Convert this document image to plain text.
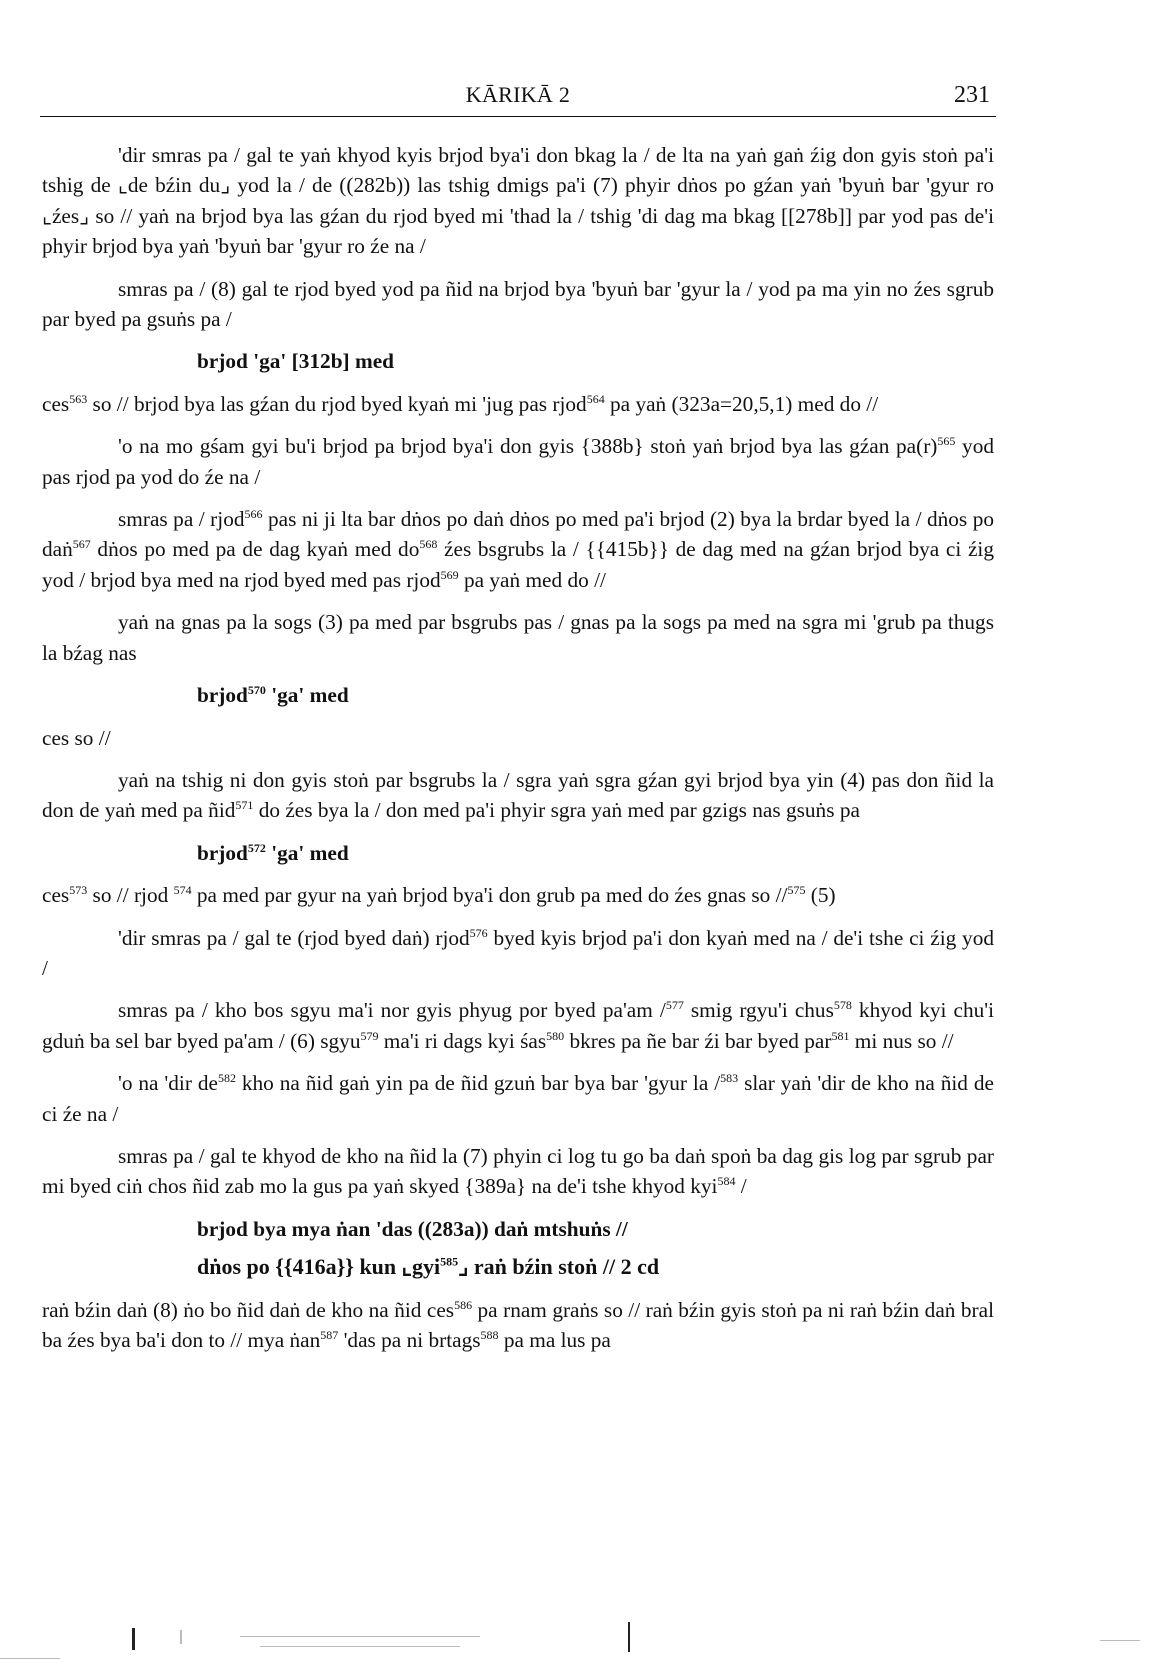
KĀRIKĀ 2	231

'dir smras pa / gal te yaṅ khyod kyis brjod bya'i don bkag la / de lta na yaṅ gaṅ źig don gyis stoṅ pa'i tshig de ⌞de bźin du⌟ yod la / de ((282b)) las tshig dmigs pa'i (7) phyir dṅos po gźan yaṅ 'byuṅ bar 'gyur ro ⌞źes⌟ so // yaṅ na brjod bya las gźan du rjod byed mi 'thad la / tshig 'di dag ma bkag [[278b]] par yod pas de'i phyir brjod bya yaṅ 'byuṅ bar 'gyur ro źe na /

smras pa / (8) gal te rjod byed yod pa ñid na brjod bya 'byuṅ bar 'gyur la / yod pa ma yin no źes sgrub par byed pa gsuṅs pa /

brjod 'ga' [312b] med

ces$^{563}$ so // brjod bya las gźan du rjod byed kyaṅ mi 'jug pas rjod$^{564}$ pa yaṅ (323a=20,5,1) med do //

'o na mo gśam gyi bu'i brjod pa brjod bya'i don gyis {388b} stoṅ yaṅ brjod bya las gźan $pa(r)^{565}$ yod pas rjod pa yod do źe na /

smras pa / rjod$^{566}$ pas ni ji lta bar dṅos po daṅ dṅos po med pa'i brjod (2) bya la brdar byed la / dṅos po daṅ$^{567}$ dṅos po med pa de dag kyaṅ med $do^{568}$ źes bsgrubs la / {{415b}} de dag med na gźan brjod bya ci źig yod / brjod bya med na rjod byed med pas rjod$^{569}$ pa yaṅ med do //

yaṅ na gnas pa la sogs (3) pa med par bsgrubs pas / gnas pa la sogs pa med na sgra mi 'grub pa thugs la bźag nas

brjod$^{570}$ 'ga' med

ces so //

yaṅ na tshig ni don gyis stoṅ par bsgrubs la / sgra yaṅ sgra gźan gyi brjod bya yin (4) pas don ñid la don de yaṅ med pa ñid$^{571}$ do źes bya la / don med pa'i phyir sgra yaṅ med par gzigs nas gsuṅs pa

brjod$^{572}$ 'ga' med

ces$^{573}$ so // rjod $^{574}$ pa med par gyur na yaṅ brjod bya'i don grub pa med do źes gnas so //$^{575}$ (5)

'dir smras pa / gal te (rjod byed daṅ) rjod$^{576}$ byed kyis brjod pa'i don kyaṅ med na / de'i tshe ci źig yod /

smras pa / kho bos sgyu ma'i nor gyis phyug por byed pa'am /$^{577}$ smig rgyu'i chus$^{578}$ khyod kyi chu'i gduṅ ba sel bar byed pa'am / (6) sgyu$^{579}$ ma'i ri dags kyi śas$^{580}$ bkres pa ñe bar źi bar byed par$^{581}$ mi nus so //

'o na 'dir $de^{582}$ kho na ñid gaṅ yin pa de ñid gzuṅ bar bya bar 'gyur la /$^{583}$ slar yaṅ 'dir de kho na ñid de ci źe na /

smras pa / gal te khyod de kho na ñid la (7) phyin ci log tu go ba daṅ spoṅ ba dag gis log par sgrub par mi byed ciṅ chos ñid zab mo la gus pa yaṅ skyed {389a} na de'i tshe khyod kyi$^{584}$ /

brjod bya mya ṅan 'das ((283a)) daṅ mtshuṅs //

dṅos po {{416a}} kun ⌞gyi$^{585}$⌟ raṅ bźin stoṅ // 2 cd

raṅ bźin daṅ (8) ṅo bo ñid daṅ de kho na ñid ces$^{586}$ pa rnam graṅs so // raṅ bźin gyis stoṅ pa ni raṅ bźin daṅ bral ba źes bya ba'i don to // mya ṅan$^{587}$ 'das pa ni brtags$^{588}$ pa ma lus pa
